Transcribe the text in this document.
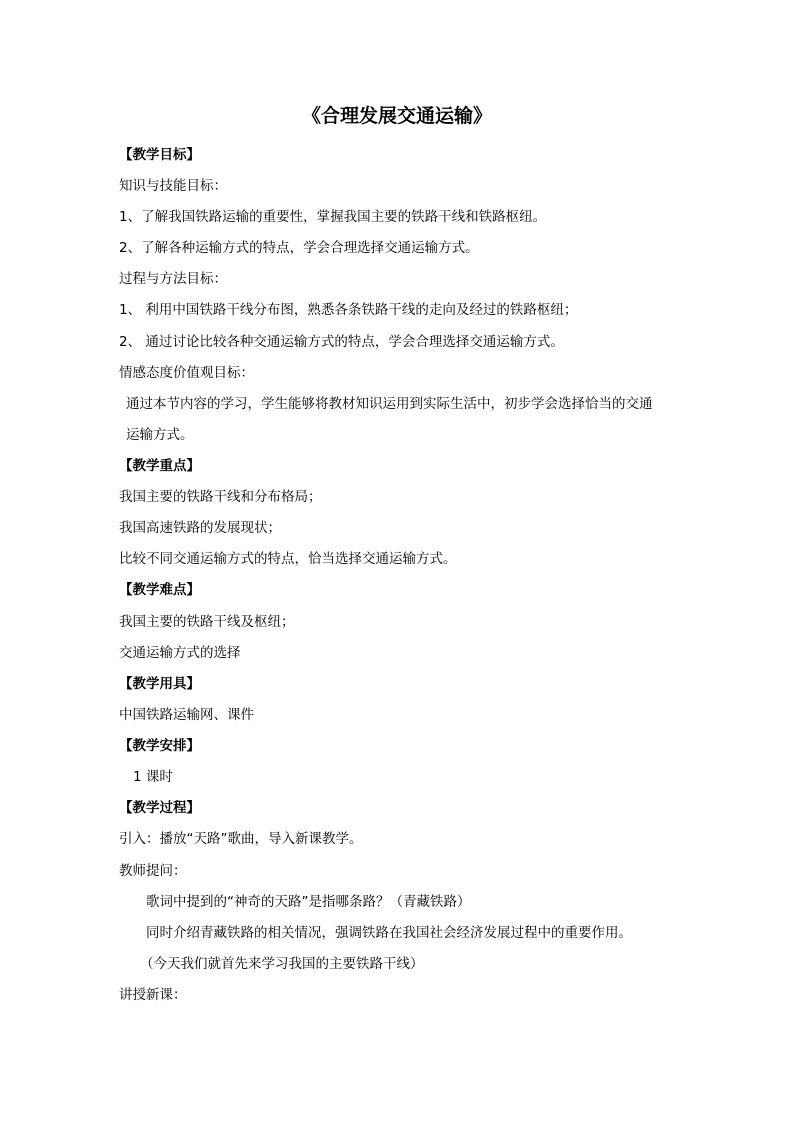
《合理发展交通运输》
【教学目标】
知识与技能目标：
1、了解我国铁路运输的重要性，掌握我国主要的铁路干线和铁路枢纽。
2、了解各种运输方式的特点，学会合理选择交通运输方式。
过程与方法目标：
1、 利用中国铁路干线分布图，熟悉各条铁路干线的走向及经过的铁路枢纽；
2、 通过讨论比较各种交通运输方式的特点，学会合理选择交通运输方式。
情感态度价值观目标：
通过本节内容的学习，学生能够将教材知识运用到实际生活中，初步学会选择恰当的交通
运输方式。
【教学重点】
我国主要的铁路干线和分布格局；
我国高速铁路的发展现状；
比较不同交通运输方式的特点，恰当选择交通运输方式。
【教学难点】
我国主要的铁路干线及枢纽；
交通运输方式的选择
【教学用具】
中国铁路运输网、课件
【教学安排】
1 课时
【教学过程】
引入：播放“天路”歌曲，导入新课教学。
教师提问：
歌词中提到的“神奇的天路”是指哪条路？（青藏铁路）
同时介绍青藏铁路的相关情况，强调铁路在我国社会经济发展过程中的重要作用。
（今天我们就首先来学习我国的主要铁路干线）
讲授新课：
